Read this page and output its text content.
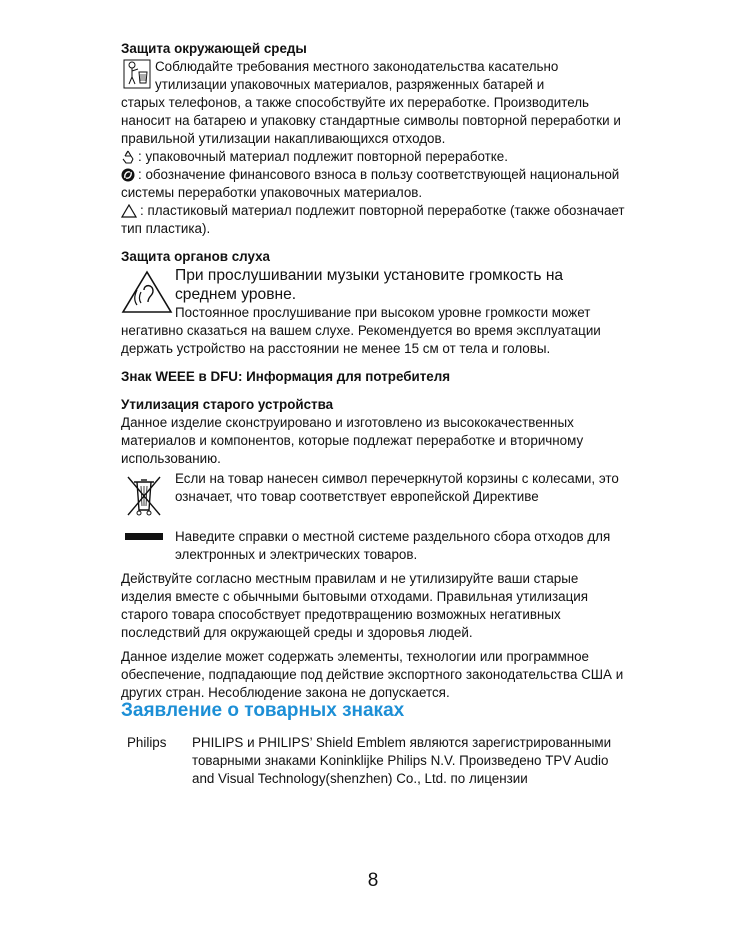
Защита окружающей среды

Соблюдайте требования местного законодательства касательно

утилизации упаковочных материалов, разряженных батарей и

старых телефонов, а также способствуйте их переработке. Производитель наносит на батарею и упаковку стандартные символы повторной переработки и правильной утилизации накапливающихся отходов.

: упаковочный материал подлежит повторной переработке.

: обозначение финансового взноса в пользу соответствующей национальной системы переработки упаковочных материалов.

: пластиковый материал подлежит повторной переработке (также обозначает тип пластика).

Защита органов слуха

При прослушивании музыки установите громкость на среднем уровне.

Постоянное прослушивание при высоком уровне громкости может

негативно сказаться на вашем слухе. Рекомендуется во время эксплуатации держать устройство на расстоянии не менее 15 см от тела и головы.

Знак WEEE в DFU: Информация для потребителя

Утилизация старого устройства

Данное изделие сконструировано и изготовлено из высококачественных материалов и компонентов, которые подлежат переработке и вторичному использованию.

Если на товар нанесен символ перечеркнутой корзины с колесами, это означает, что товар соответствует европейской Директиве

Наведите справки о местной системе раздельного сбора отходов для электронных и электрических товаров.

Действуйте согласно местным правилам и не утилизируйте ваши старые изделия вместе с обычными бытовыми отходами. Правильная утилизация старого товара способствует предотвращению возможных негативных последствий для окружающей среды и здоровья людей.

Данное изделие может содержать элементы, технологии или программное обеспечение, подпадающие под действие экспортного законодательства США и других стран. Несоблюдение закона не допускается.

Заявление о товарных знаках
Philips PHILIPS и PHILIPS’ Shield Emblem являются зарегистрированными товарными знаками Koninklijke Philips N.V. Произведено TPV Audio and Visual Technology(shenzhen) Co., Ltd. по лицензии

8
